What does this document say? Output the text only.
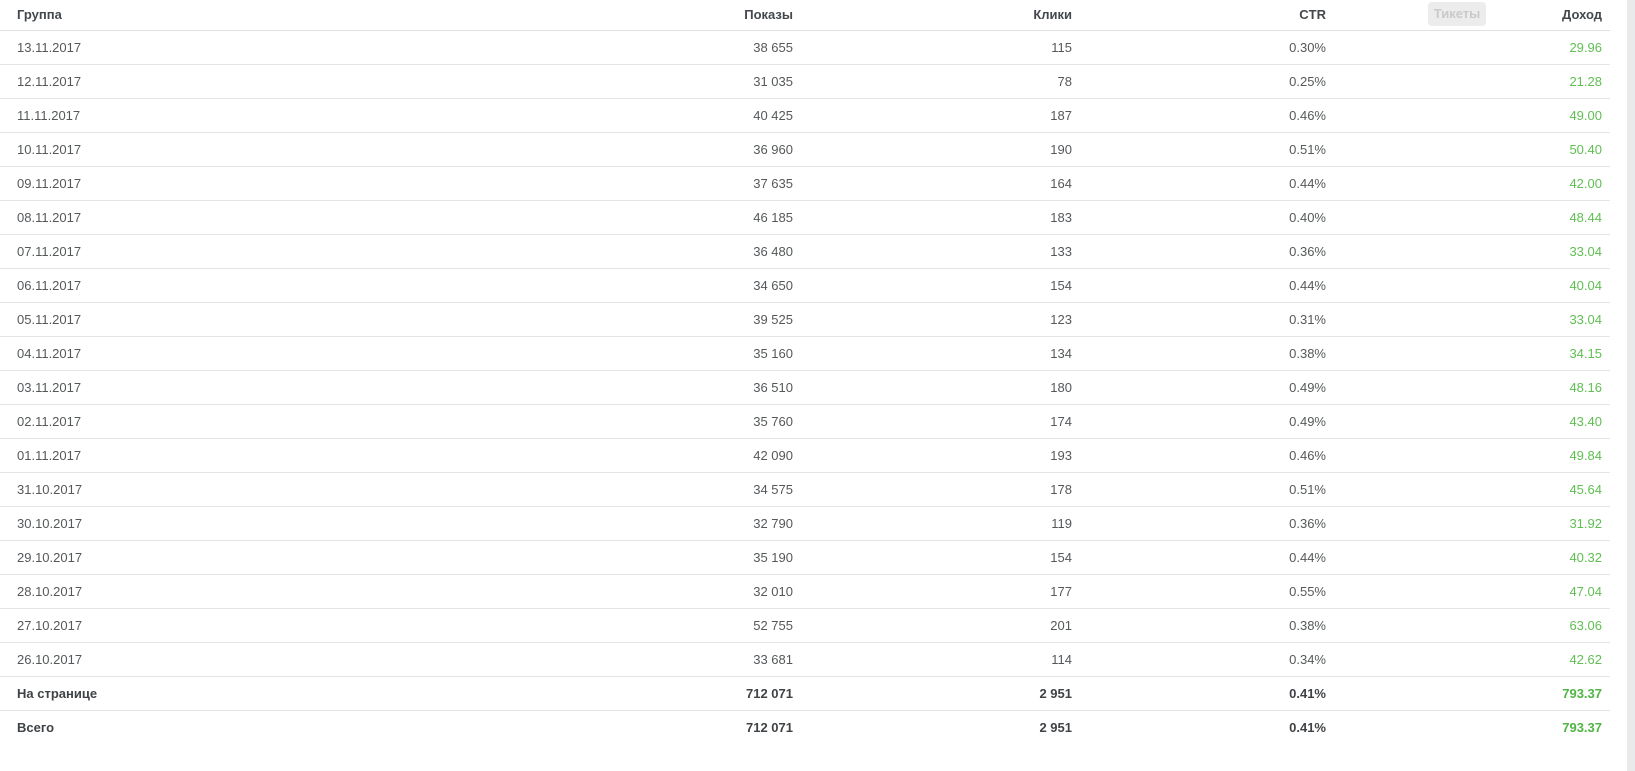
Группа	Показы	Клики	CTR	Доход
13.11.2017	38 655	115	0.30%	29.96
12.11.2017	31 035	78	0.25%	21.28
11.11.2017	40 425	187	0.46%	49.00
10.11.2017	36 960	190	0.51%	50.40
09.11.2017	37 635	164	0.44%	42.00
08.11.2017	46 185	183	0.40%	48.44
07.11.2017	36 480	133	0.36%	33.04
06.11.2017	34 650	154	0.44%	40.04
05.11.2017	39 525	123	0.31%	33.04
04.11.2017	35 160	134	0.38%	34.15
03.11.2017	36 510	180	0.49%	48.16
02.11.2017	35 760	174	0.49%	43.40
01.11.2017	42 090	193	0.46%	49.84
31.10.2017	34 575	178	0.51%	45.64
30.10.2017	32 790	119	0.36%	31.92
29.10.2017	35 190	154	0.44%	40.32
28.10.2017	32 010	177	0.55%	47.04
27.10.2017	52 755	201	0.38%	63.06
26.10.2017	33 681	114	0.34%	42.62
На странице	712 071	2 951	0.41%	793.37
Всего	712 071	2 951	0.41%	793.37
Тикеты
